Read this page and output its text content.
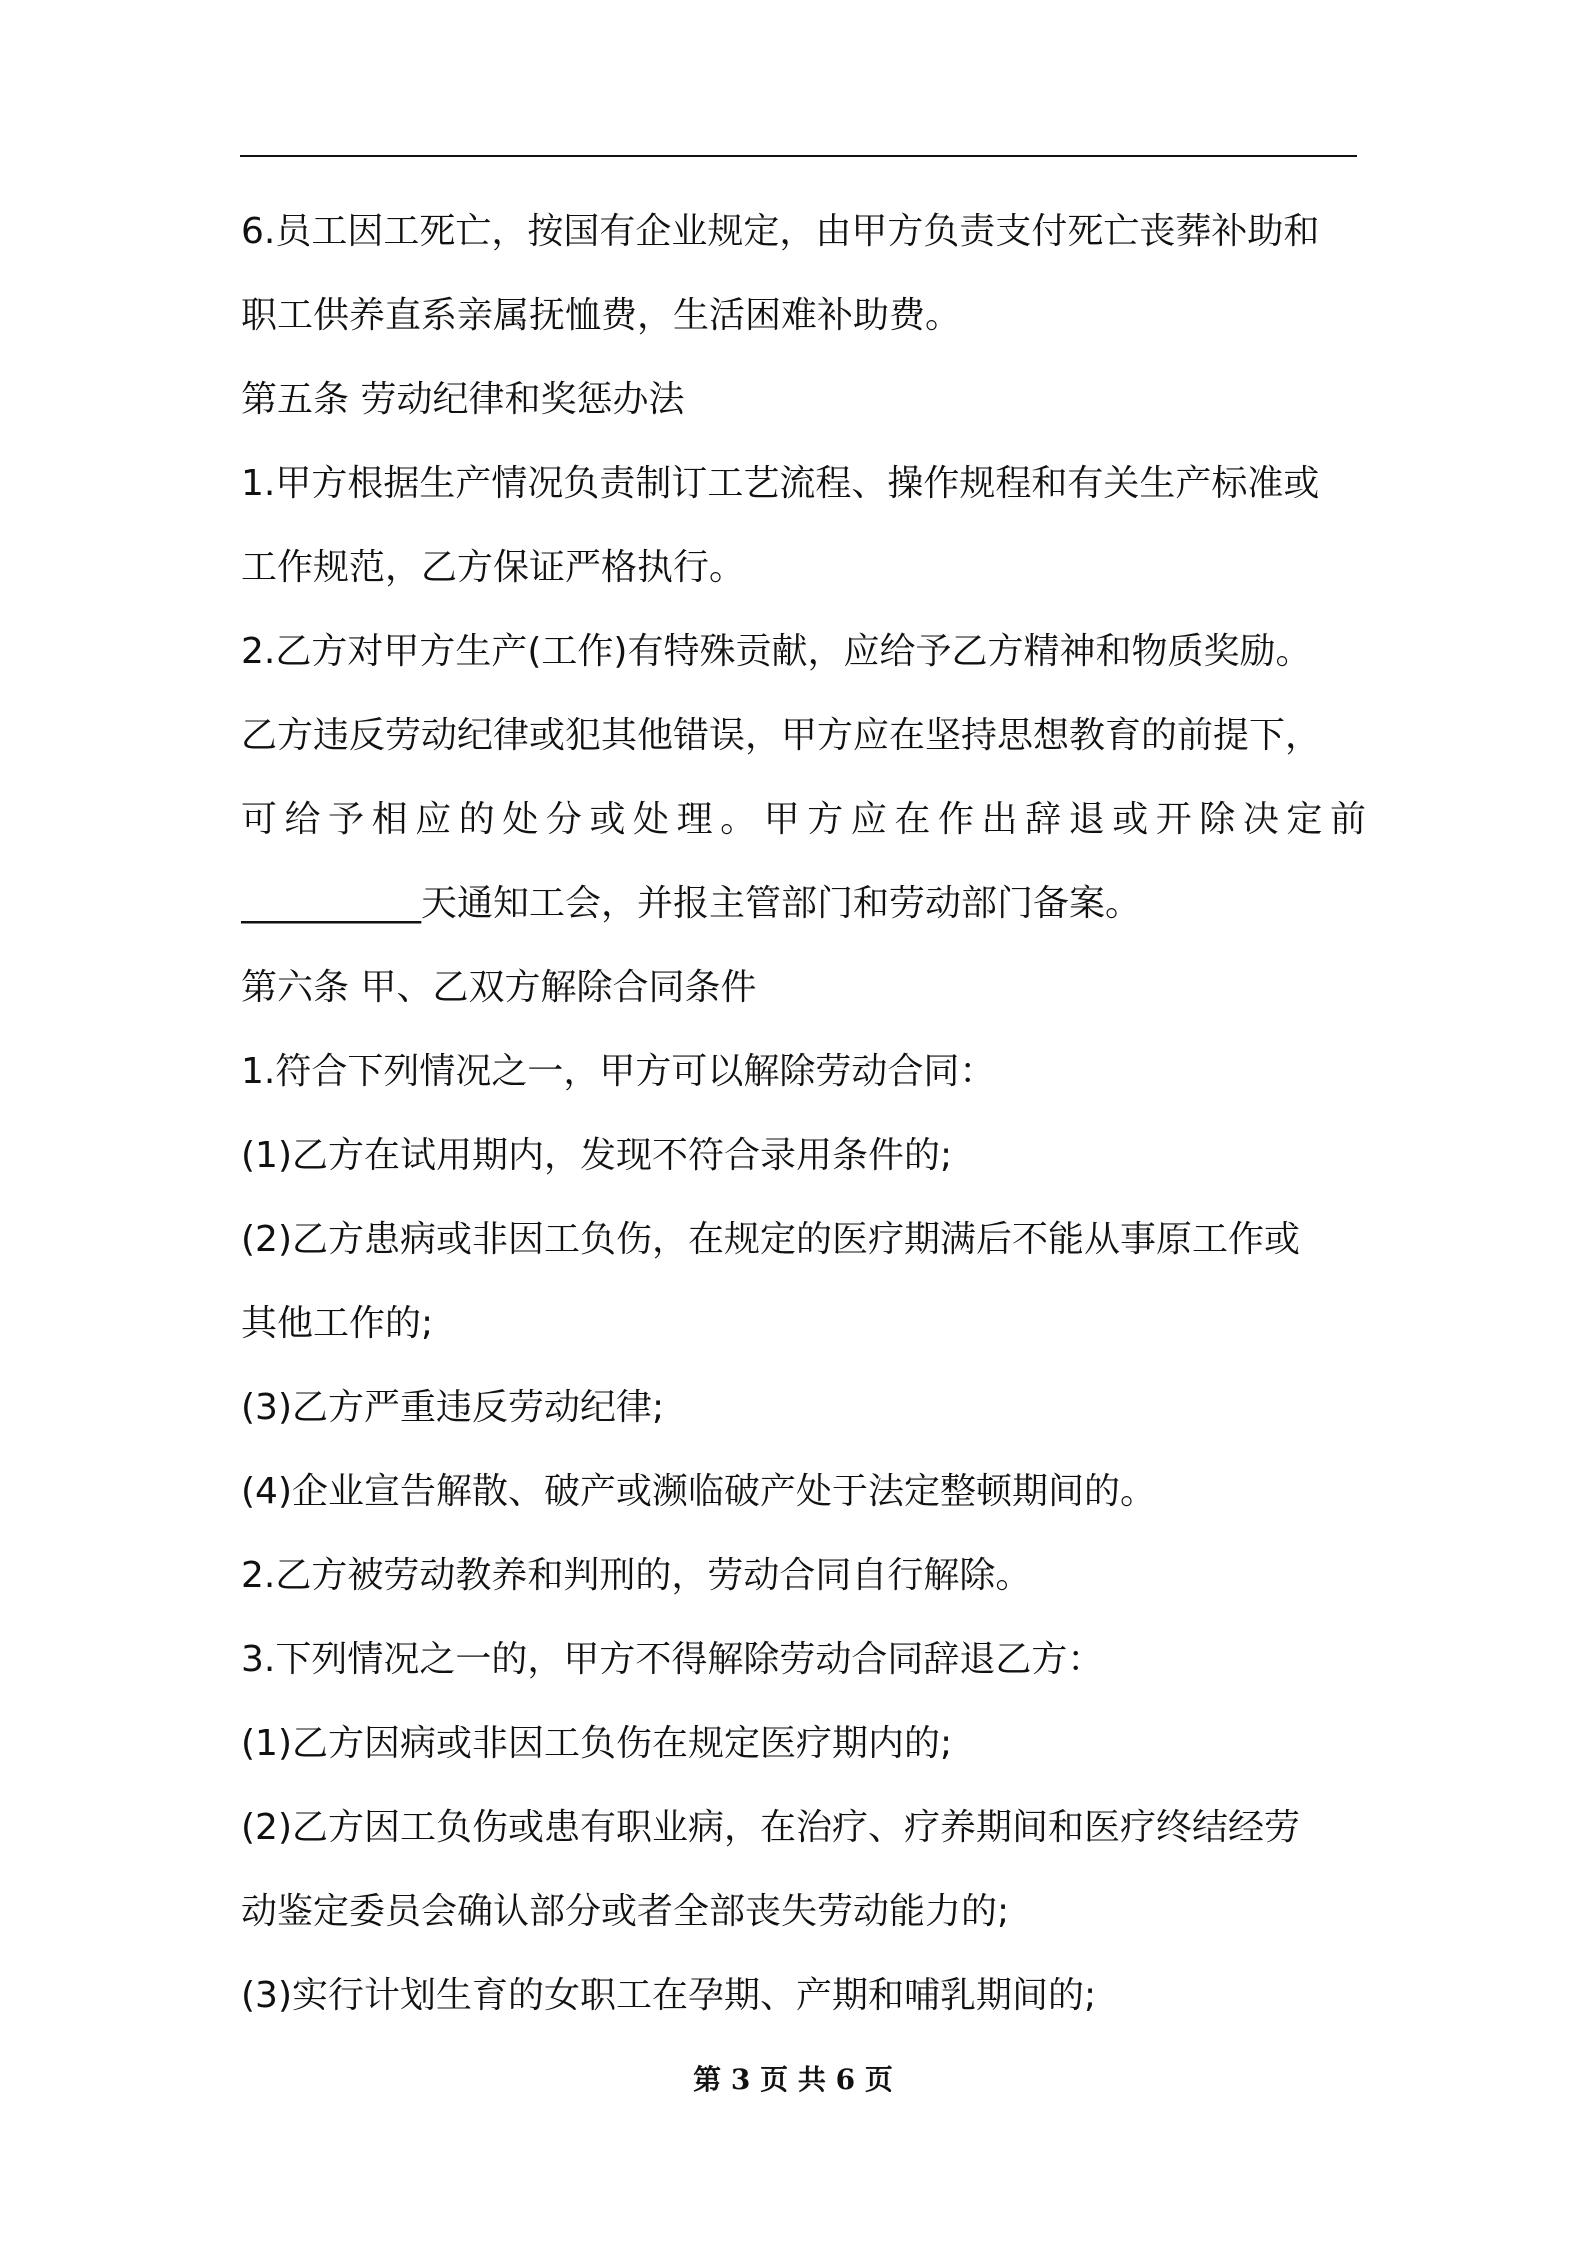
6.员工因工死亡，按国有企业规定，由甲方负责支付死亡丧葬补助和
职工供养直系亲属抚恤费，生活困难补助费。
第五条 劳动纪律和奖惩办法
1.甲方根据生产情况负责制订工艺流程、操作规程和有关生产标准或
工作规范，乙方保证严格执行。
2.乙方对甲方生产(工作)有特殊贡献，应给予乙方精神和物质奖励。
乙方违反劳动纪律或犯其他错误，甲方应在坚持思想教育的前提下，
可给予相应的处分或处理。甲方应在作出辞退或开除决定前
__________天通知工会，并报主管部门和劳动部门备案。
第六条 甲、乙双方解除合同条件
1.符合下列情况之一，甲方可以解除劳动合同：
(1)乙方在试用期内，发现不符合录用条件的;
(2)乙方患病或非因工负伤，在规定的医疗期满后不能从事原工作或
其他工作的;
(3)乙方严重违反劳动纪律;
(4)企业宣告解散、破产或濒临破产处于法定整顿期间的。
2.乙方被劳动教养和判刑的，劳动合同自行解除。
3.下列情况之一的，甲方不得解除劳动合同辞退乙方：
(1)乙方因病或非因工负伤在规定医疗期内的;
(2)乙方因工负伤或患有职业病，在治疗、疗养期间和医疗终结经劳
动鉴定委员会确认部分或者全部丧失劳动能力的;
(3)实行计划生育的女职工在孕期、产期和哺乳期间的;
第 3 页 共 6 页
